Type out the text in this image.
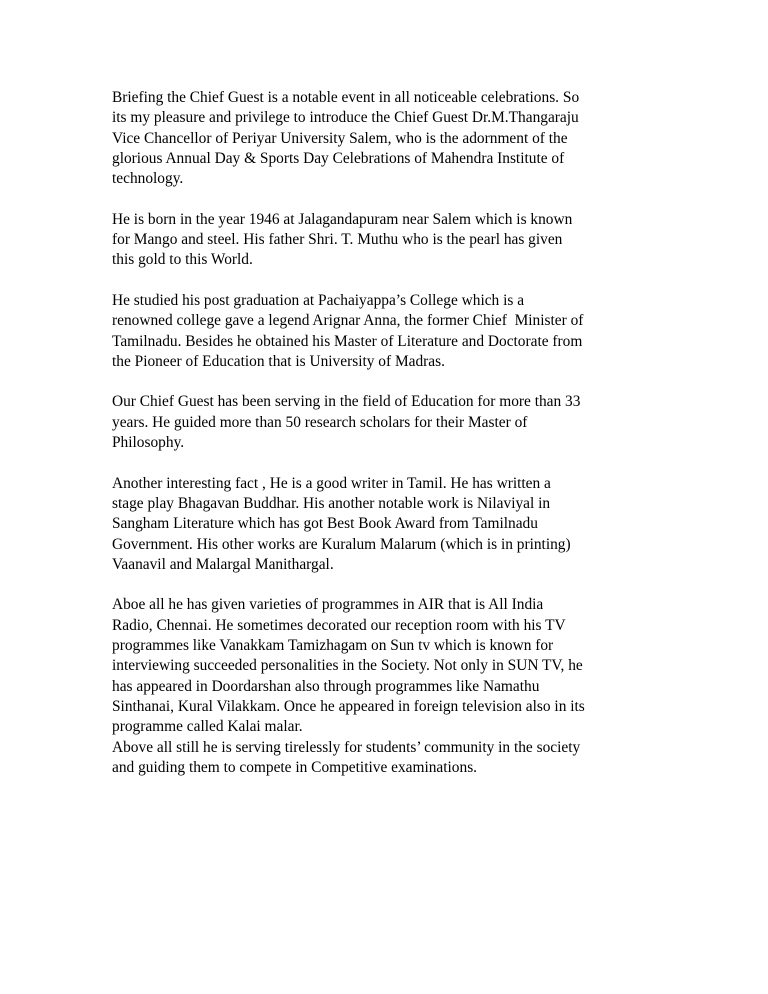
Briefing the Chief Guest is a notable event in all noticeable celebrations. So
its my pleasure and privilege to introduce the Chief Guest Dr.M.Thangaraju
Vice Chancellor of Periyar University Salem, who is the adornment of the
glorious Annual Day & Sports Day Celebrations of Mahendra Institute of
technology.

He is born in the year 1946 at Jalagandapuram near Salem which is known
for Mango and steel. His father Shri. T. Muthu who is the pearl has given
this gold to this World.

He studied his post graduation at Pachaiyappa’s College which is a
renowned college gave a legend Arignar Anna, the former Chief  Minister of
Tamilnadu. Besides he obtained his Master of Literature and Doctorate from
the Pioneer of Education that is University of Madras.

Our Chief Guest has been serving in the field of Education for more than 33
years. He guided more than 50 research scholars for their Master of
Philosophy.

Another interesting fact , He is a good writer in Tamil. He has written a
stage play Bhagavan Buddhar. His another notable work is Nilaviyal in
Sangham Literature which has got Best Book Award from Tamilnadu
Government. His other works are Kuralum Malarum (which is in printing)
Vaanavil and Malargal Manithargal.

Aboe all he has given varieties of programmes in AIR that is All India
Radio, Chennai. He sometimes decorated our reception room with his TV
programmes like Vanakkam Tamizhagam on Sun tv which is known for
interviewing succeeded personalities in the Society. Not only in SUN TV, he
has appeared in Doordarshan also through programmes like Namathu
Sinthanai, Kural Vilakkam. Once he appeared in foreign television also in its
programme called Kalai malar.

Above all still he is serving tirelessly for students’ community in the society
and guiding them to compete in Competitive examinations.
